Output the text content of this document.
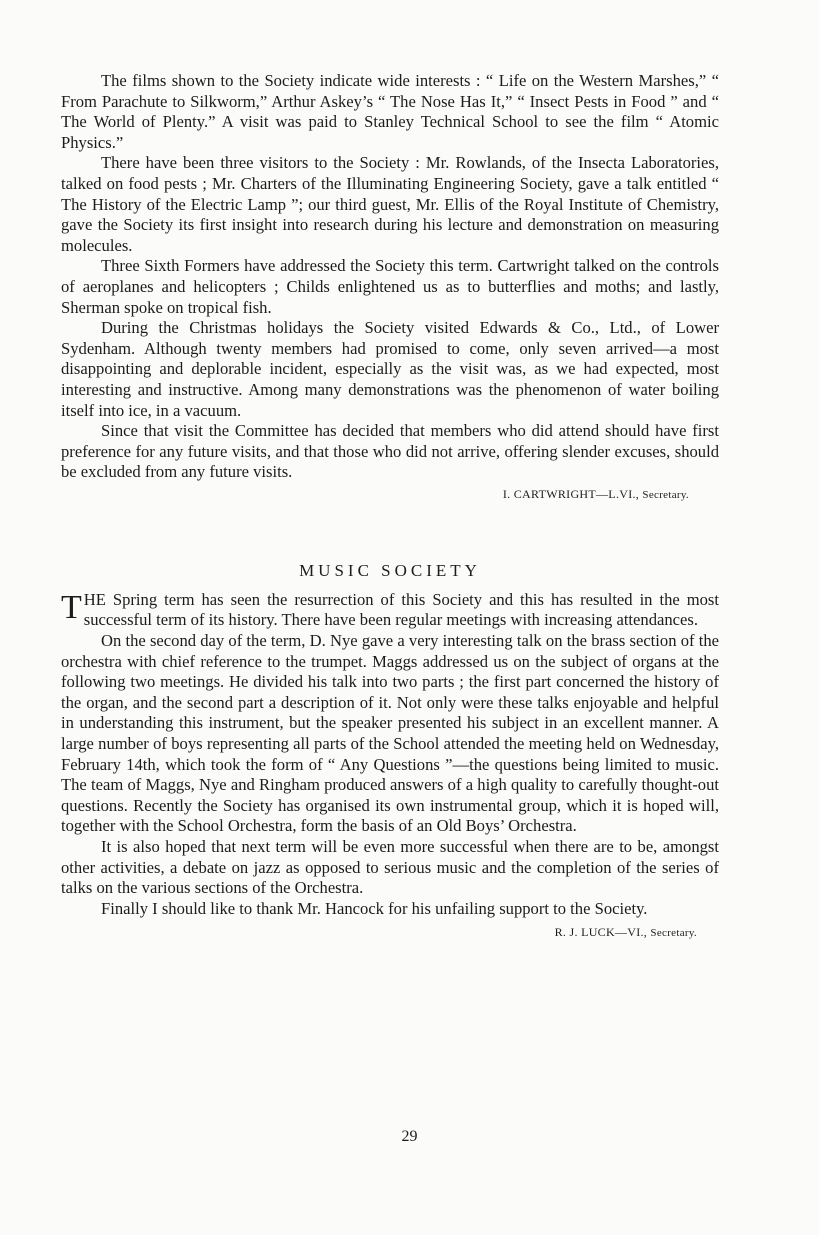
The films shown to the Society indicate wide interests : “ Life on the Western Marshes,” “ From Parachute to Silkworm,” Arthur Askey’s “ The Nose Has It,” “ Insect Pests in Food ” and “ The World of Plenty.” A visit was paid to Stanley Technical School to see the film “ Atomic Physics.”

There have been three visitors to the Society : Mr. Rowlands, of the Insecta Laboratories, talked on food pests ; Mr. Charters of the Illuminating Engineering Society, gave a talk entitled “ The History of the Electric Lamp ”; our third guest, Mr. Ellis of the Royal Institute of Chemistry, gave the Society its first insight into research during his lecture and demonstration on measuring molecules.

Three Sixth Formers have addressed the Society this term. Cartwright talked on the controls of aeroplanes and helicopters ; Childs enlightened us as to butterflies and moths; and lastly, Sherman spoke on tropical fish.

During the Christmas holidays the Society visited Edwards & Co., Ltd., of Lower Sydenham. Although twenty members had promised to come, only seven arrived—a most disappointing and deplorable incident, especially as the visit was, as we had expected, most interesting and instructive. Among many demonstrations was the phenomenon of water boiling itself into ice, in a vacuum.

Since that visit the Committee has decided that members who did attend should have first preference for any future visits, and that those who did not arrive, offering slender excuses, should be excluded from any future visits.

I. CARTWRIGHT—L.VI., Secretary.
MUSIC SOCIETY

THE Spring term has seen the resurrection of this Society and this has resulted in the most successful term of its history. There have been regular meetings with increasing attendances.

On the second day of the term, D. Nye gave a very interesting talk on the brass section of the orchestra with chief reference to the trumpet. Maggs addressed us on the subject of organs at the following two meetings. He divided his talk into two parts ; the first part concerned the history of the organ, and the second part a description of it. Not only were these talks enjoyable and helpful in understanding this instrument, but the speaker presented his subject in an excellent manner. A large number of boys representing all parts of the School attended the meeting held on Wednesday, February 14th, which took the form of “ Any Questions ”—the questions being limited to music. The team of Maggs, Nye and Ringham produced answers of a high quality to carefully thought-out questions. Recently the Society has organised its own instrumental group, which it is hoped will, together with the School Orchestra, form the basis of an Old Boys’ Orchestra.

It is also hoped that next term will be even more successful when there are to be, amongst other activities, a debate on jazz as opposed to serious music and the completion of the series of talks on the various sections of the Orchestra.

Finally I should like to thank Mr. Hancock for his unfailing support to the Society.

R. J. LUCK—VI., Secretary.
29
